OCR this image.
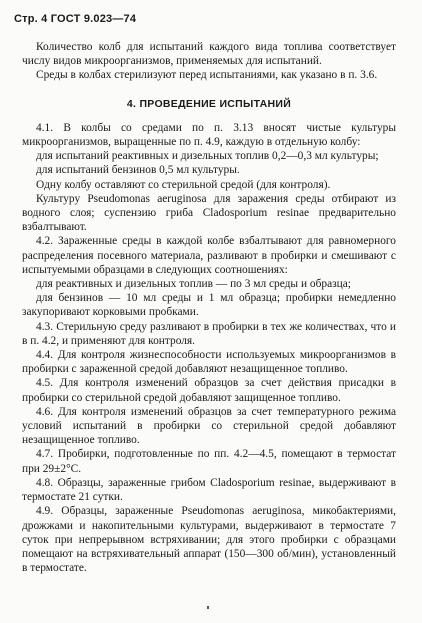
Стр. 4 ГОСТ 9.023—74

Количество колб для испытаний каждого вида топлива соответствует числу видов микроорганизмов, применяемых для испытаний.

Среды в колбах стерилизуют перед испытаниями, как указано в п. 3.6.

4. ПРОВЕДЕНИЕ ИСПЫТАНИЙ

4.1. В колбы со средами по п. 3.13 вносят чистые культуры микроорганизмов, выращенные по п. 4.9, каждую в отдельную колбу:

для испытаний реактивных и дизельных топлив 0,2—0,3 мл культуры;

для испытаний бензинов 0,5 мл культуры.

Одну колбу оставляют со стерильной средой (для контроля).

Культуру Pseudomonas aeruginosa для заражения среды отбирают из водного слоя; суспензию гриба Cladosporium resinae предварительно взбалтывают.

4.2. Зараженные среды в каждой колбе взбалтывают для равномерного распределения посевного материала, разливают в пробирки и смешивают с испытуемыми образцами в следующих соотношениях:

для реактивных и дизельных топлив — по 3 мл среды и образца;

для бензинов — 10 мл среды и 1 мл образца; пробирки немедленно закупоривают корковыми пробками.

4.3. Стерильную среду разливают в пробирки в тех же количествах, что и в п. 4.2, и применяют для контроля.

4.4. Для контроля жизнеспособности используемых микроорганизмов в пробирки с зараженной средой добавляют незащищенное топливо.

4.5. Для контроля изменений образцов за счет действия присадки в пробирки со стерильной средой добавляют защищенное топливо.

4.6. Для контроля изменений образцов за счет температурного режима условий испытаний в пробирки со стерильной средой добавляют незащищенное топливо.

4.7. Пробирки, подготовленные по пп. 4.2—4.5, помещают в термостат при 29±2°С.

4.8. Образцы, зараженные грибом Cladosporium resinae, выдерживают в термостате 21 сутки.

4.9. Образцы, зараженные Pseudomonas aeruginosa, микобактериями, дрожжами и накопительными культурами, выдерживают в термостате 7 суток при непрерывном встряхивании; для этого пробирки с образцами помещают на встряхивательный аппарат (150—300 об/мин), установленный в термостате.
